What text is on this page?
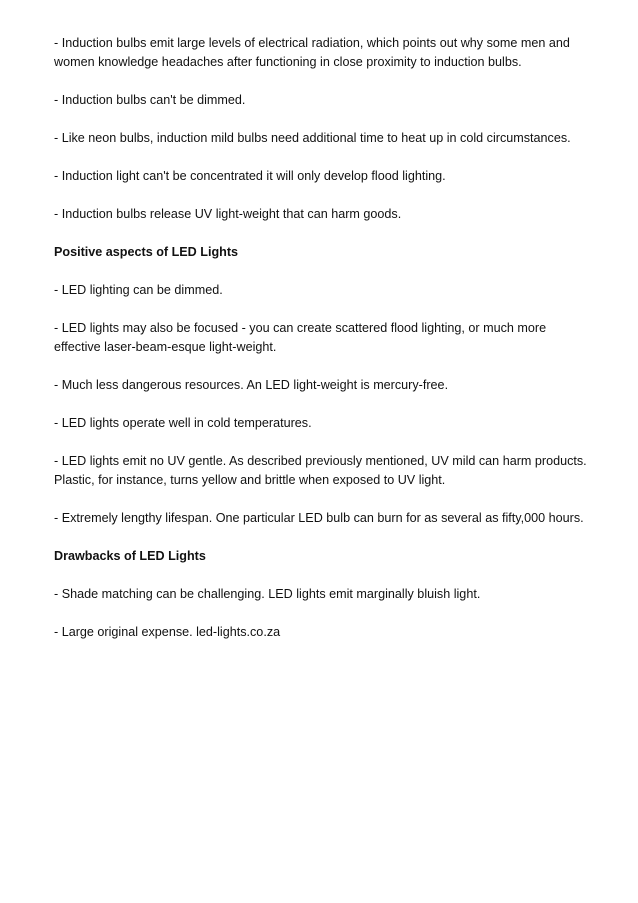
- Induction bulbs emit large levels of electrical radiation, which points out why some men and women knowledge headaches after functioning in close proximity to induction bulbs.

- Induction bulbs can't be dimmed.

- Like neon bulbs, induction mild bulbs need additional time to heat up in cold circumstances.

- Induction light can't be concentrated it will only develop flood lighting.

- Induction bulbs release UV light-weight that can harm goods.

Positive aspects of LED Lights

- LED lighting can be dimmed.

- LED lights may also be focused - you can create scattered flood lighting, or much more effective laser-beam-esque light-weight.

- Much less dangerous resources. An LED light-weight is mercury-free.

- LED lights operate well in cold temperatures.

- LED lights emit no UV gentle. As described previously mentioned, UV mild can harm products. Plastic, for instance, turns yellow and brittle when exposed to UV light.

- Extremely lengthy lifespan. One particular LED bulb can burn for as several as fifty,000 hours.

Drawbacks of LED Lights

- Shade matching can be challenging. LED lights emit marginally bluish light.

- Large original expense. led-lights.co.za
